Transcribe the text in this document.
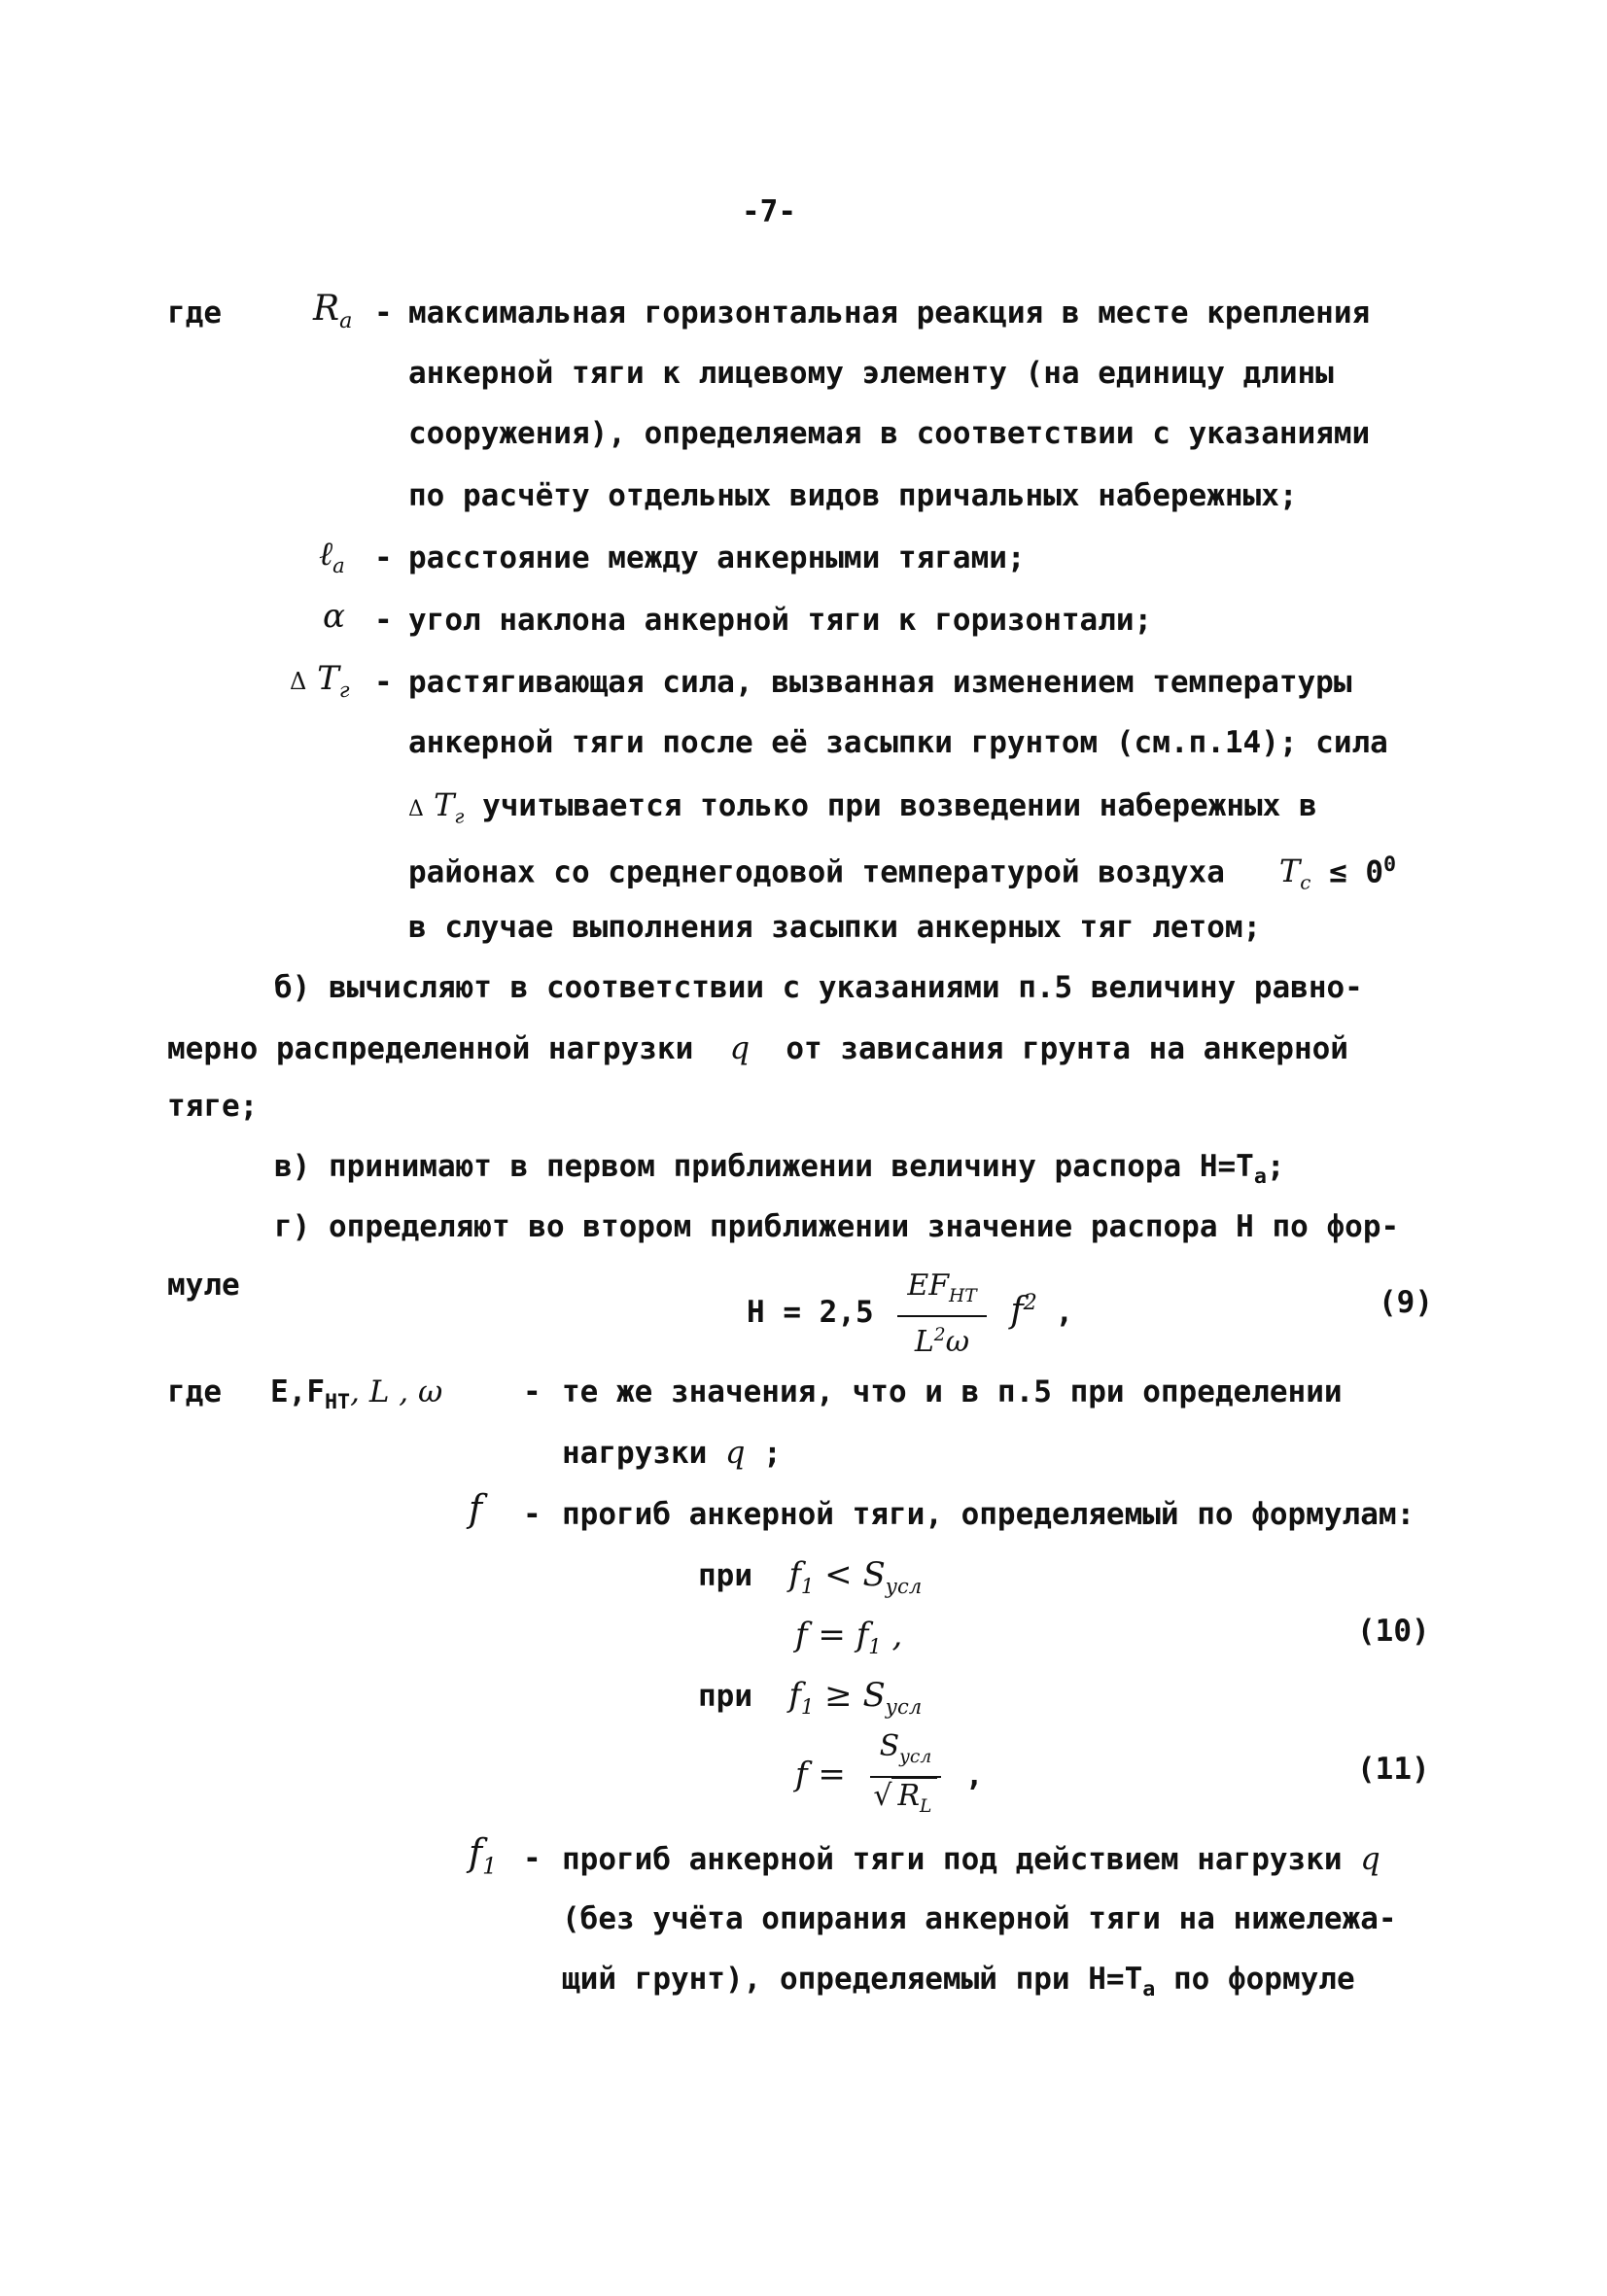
-7-
где	$R_a$ - максимальная горизонтальная реакция в месте крепления
анкерной тяги к лицевому элементу (на единицу длины
сооружения), определяемая в соответствии с указаниями
по расчёту отдельных видов причальных набережных;
ℓ$_a$ - расстояние между анкерными тягами;
α - угол наклона анкерной тяги к горизонтали;
Δ $T_г$ - растягивающая сила, вызванная изменением температуры
анкерной тяги после её засыпки грунтом (см.п.14); сила
Δ $T_г$ учитывается только при возведении набережных в
районах со среднегодовой температурой воздуха $T_с \le 0^0$
в случае выполнения засыпки анкерных тяг летом;
б) вычисляют в соответствии с указаниями п.5 величину равно-
мерно распределенной нагрузки q от зависания грунта на анкерной
тяге;
в) принимают в первом приближении величину распора $Н=T_a$;
г) определяют во втором приближении значение распора Н по фор-
муле
$Н = 2,5 \frac{EF_{НТ}}{L^2\omega} f^2$ ,	(9)
где $E,F_{НТ}$, L , ω	- те же значения, что и в п.5 при определении
нагрузки q ;
f - прогиб анкерной тяги, определяемый по формулам:
при $f_1 < S_{усл}$
$f = f_1$ ,	(10)
при $f_1 \ge S_{усл}$
$f = \frac{S_{усл}}{√ R_L}$ ,	(11)
$f_1$ - прогиб анкерной тяги под действием нагрузки q
(без учёта опирания анкерной тяги на нижележа-
щий грунт), определяемый при $Н=T_a$ по формуле
